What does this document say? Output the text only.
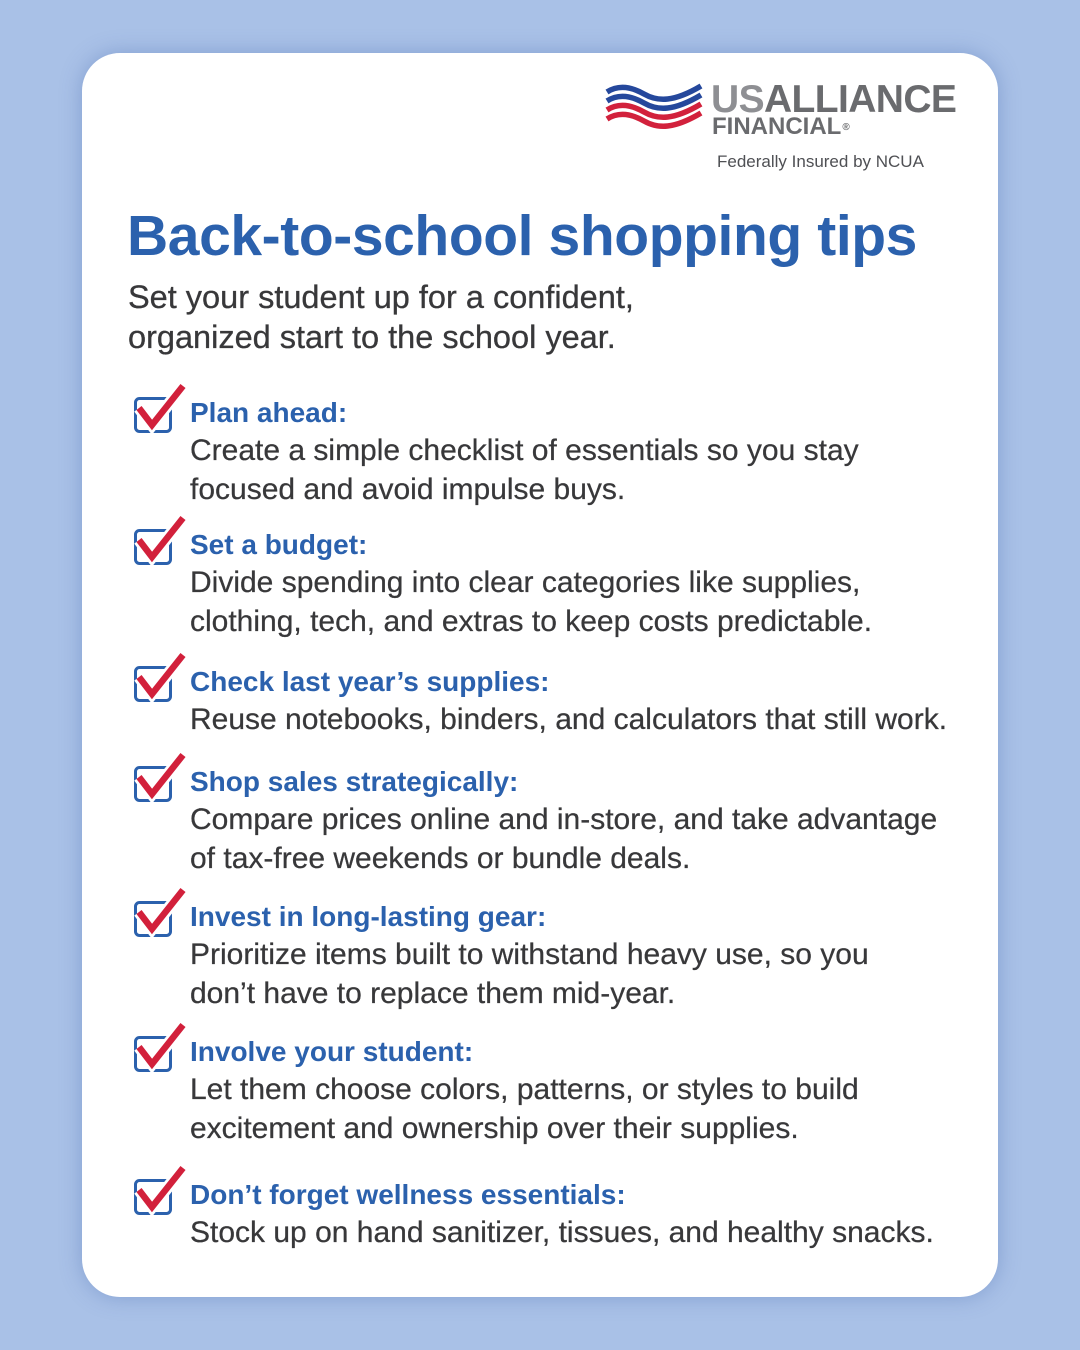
USALLIANCE
FINANCIAL®
Federally Insured by NCUA
Back-to-school shopping tips
Set your student up for a confident,
organized start to the school year.
Plan ahead:
Create a simple checklist of essentials so you stay
focused and avoid impulse buys.
Set a budget:
Divide spending into clear categories like supplies,
clothing, tech, and extras to keep costs predictable.
Check last year’s supplies:
Reuse notebooks, binders, and calculators that still work.
Shop sales strategically:
Compare prices online and in-store, and take advantage
of tax-free weekends or bundle deals.
Invest in long-lasting gear:
Prioritize items built to withstand heavy use, so you
don’t have to replace them mid-year.
Involve your student:
Let them choose colors, patterns, or styles to build
excitement and ownership over their supplies.
Don’t forget wellness essentials:
Stock up on hand sanitizer, tissues, and healthy snacks.
